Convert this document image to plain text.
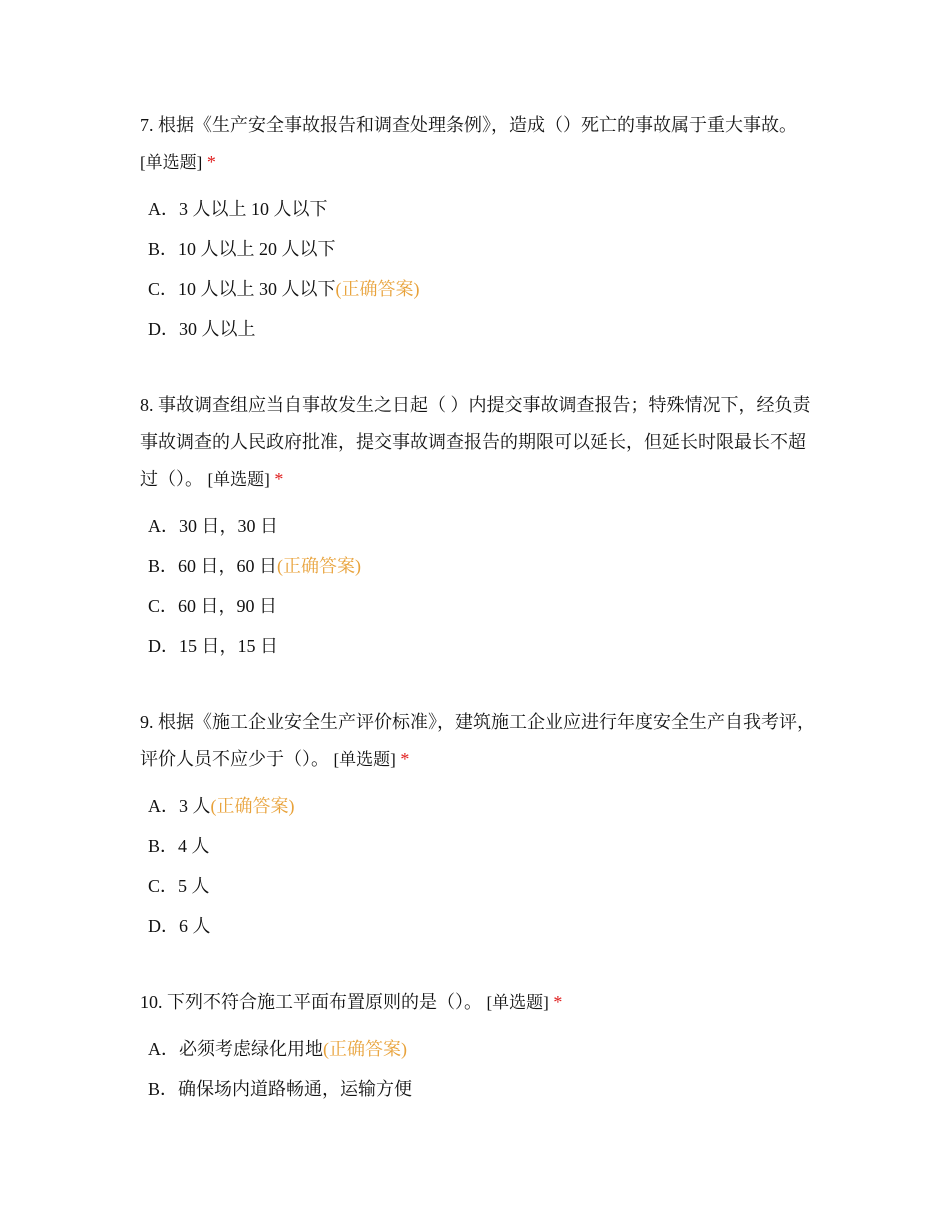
7. 根据《生产安全事故报告和调查处理条例》，造成（）死亡的事故属于重大事故。 [单选题] *

A．3 人以上 10 人以下
B．10 人以上 20 人以下
C．10 人以上 30 人以下(正确答案)
D．30 人以上

8. 事故调查组应当自事故发生之日起（ ）内提交事故调查报告；特殊情况下，经负责事故调查的人民政府批准，提交事故调查报告的期限可以延长，但延长时限最长不超过（）。 [单选题] *

A．30 日，30 日
B．60 日，60 日(正确答案)
C．60 日，90 日
D．15 日，15 日

9. 根据《施工企业安全生产评价标准》，建筑施工企业应进行年度安全生产自我考评，评价人员不应少于（）。 [单选题] *

A．3 人(正确答案)
B．4 人
C．5 人
D．6 人

10. 下列不符合施工平面布置原则的是（）。 [单选题] *

A．必须考虑绿化用地(正确答案)
B．确保场内道路畅通，运输方便
